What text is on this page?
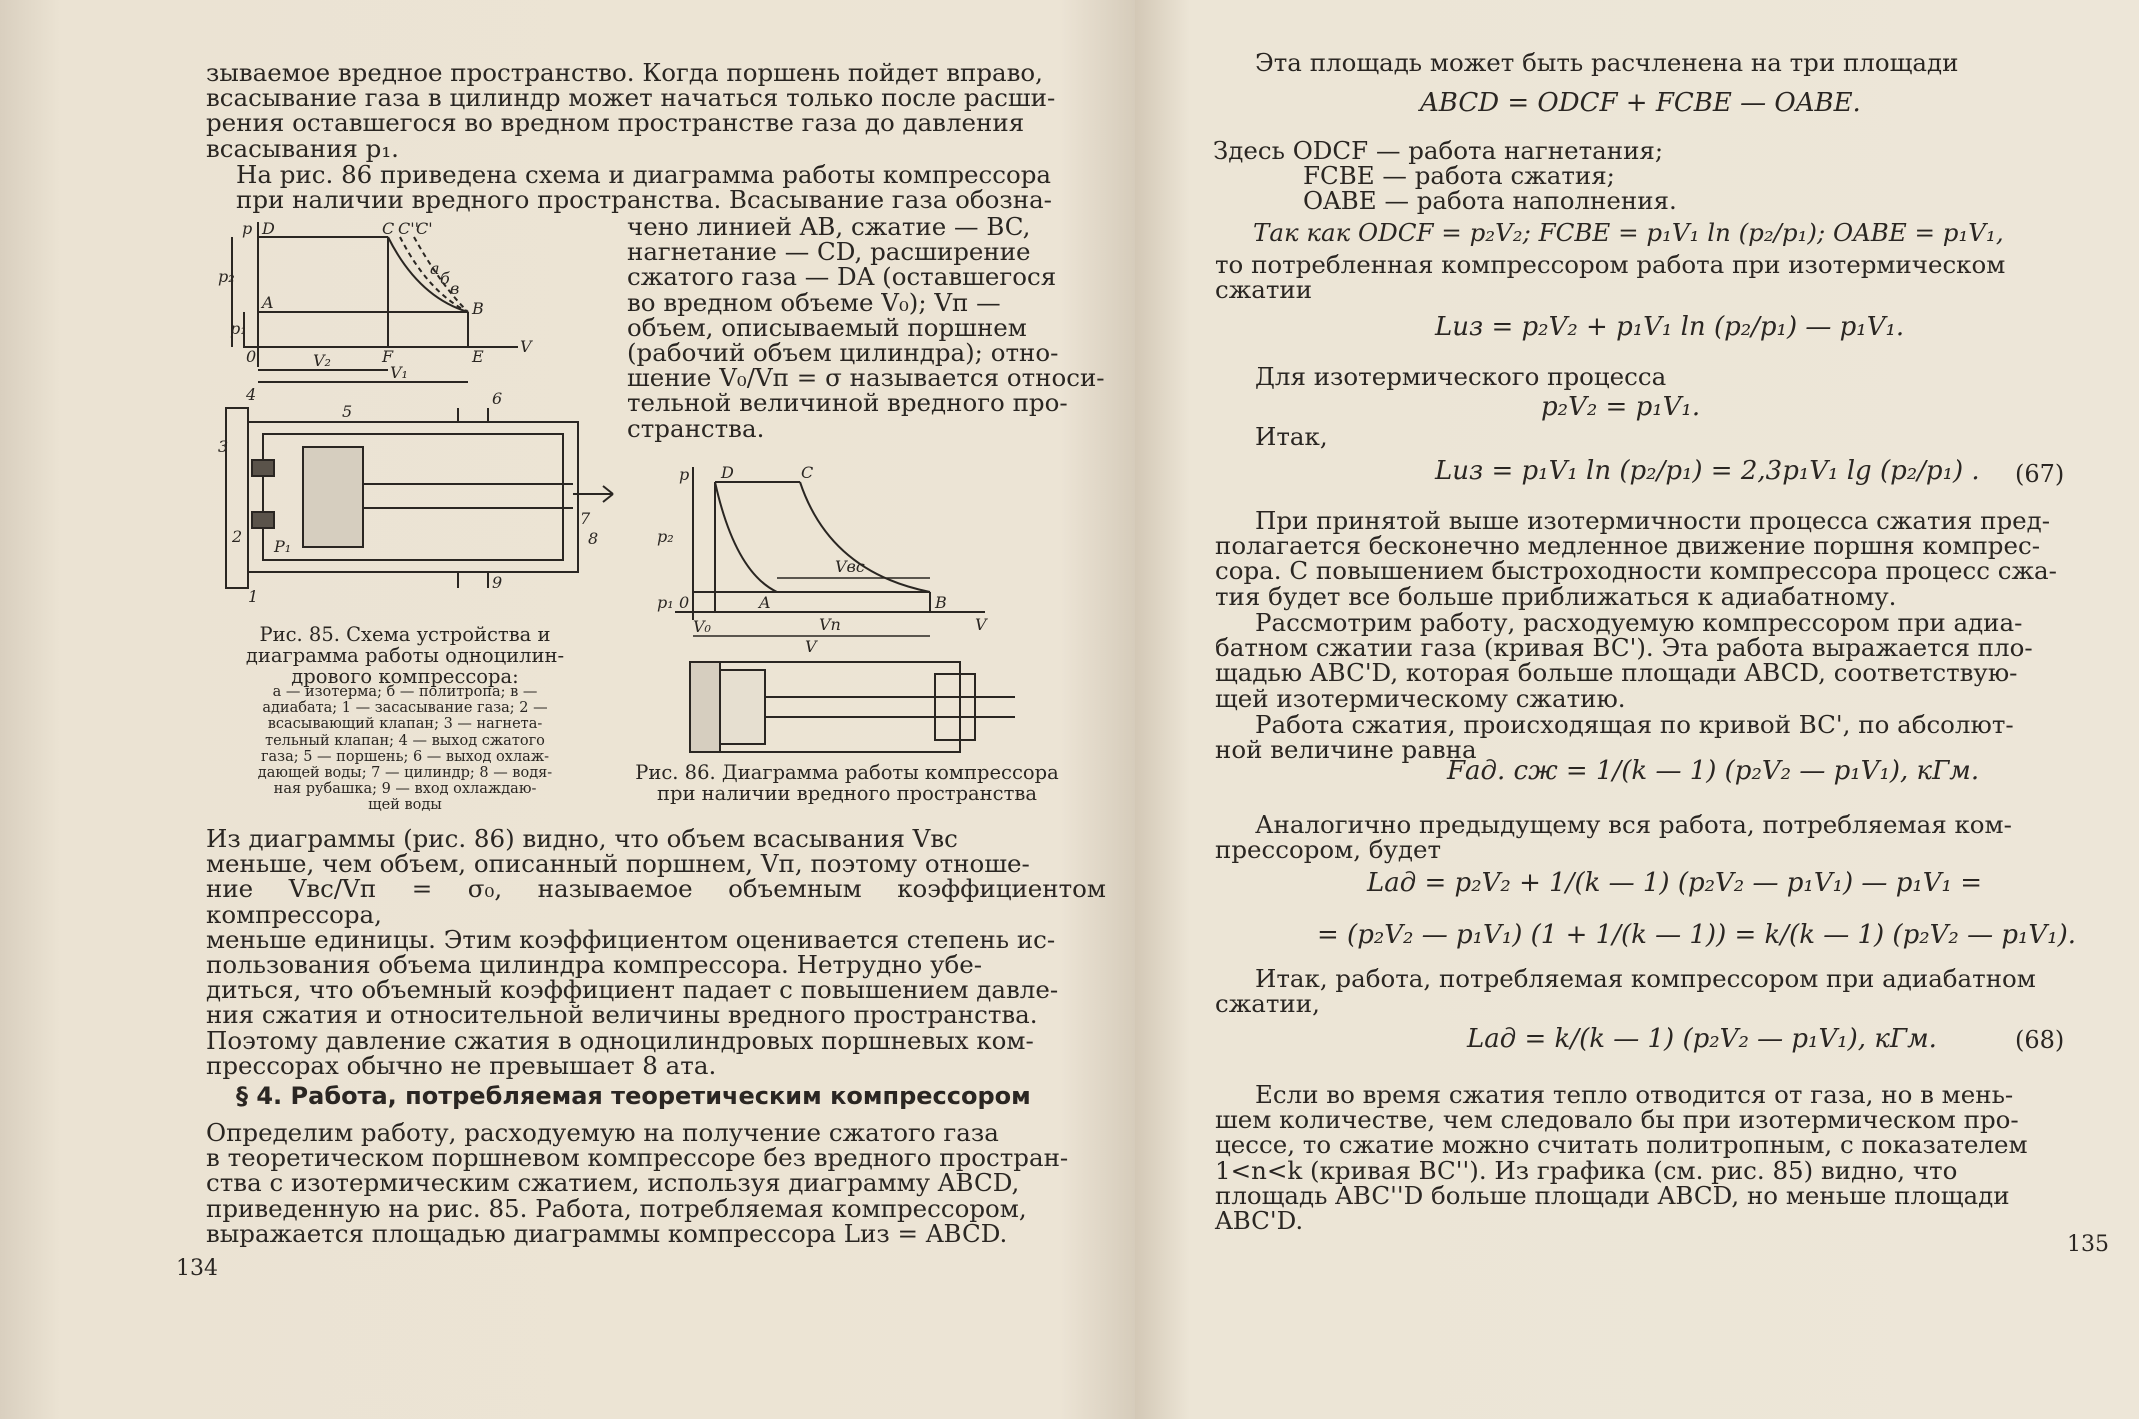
зываемое вредное пространство. Когда поршень пойдет вправо,
всасывание газа в цилиндр может начаться только после расши-
рения оставшегося во вредном пространстве газа до давления
всасывания p₁.

На рис. 86 приведена схема и диаграмма работы компрессора
при наличии вредного пространства. Всасывание газа обозна-

чено линией AB, сжатие — BC,
нагнетание — CD, расширение
сжатого газа — DA (оставшегося
во вредном объеме V₀); Vп —
объем, описываемый поршнем
(рабочий объем цилиндра); отно-
шение V₀/Vп = σ называется относи-
тельной величиной вредного про-
странства.

p D	C C''
C'
а
б
в
A	B
0	F	E
V
V₂
V₁
p₂
p₁
1
2
3
4
5
6
7
8
9
P₁

Рис. 85. Схема устройства и
диаграмма работы одноцилин-
дрового компрессора:

а — изотерма; б — политропа; в —
адиабата; 1 — засасывание газа; 2 —
всасывающий клапан; 3 — нагнета-
тельный клапан; 4 — выход сжатого
газа; 5 — поршень; 6 — выход охлаж-
дающей воды; 7 — цилиндр; 8 — водя-
ная рубашка; 9 — вход охлаждаю-
щей воды

p D	C
Vвс
A	B
0
V
p₂
p₁
V₀	Vп
V

Рис. 86. Диаграмма работы компрессора
при наличии вредного пространства

Из диаграммы (рис. 86) видно, что объем всасывания Vвс
меньше, чем объем, описанный поршнем, Vп, поэтому отноше-
ние Vвс/Vп = σ₀, называемое объемным коэффициентом компрессора,
меньше единицы. Этим коэффициентом оценивается степень ис-
пользования объема цилиндра компрессора. Нетрудно убе-
диться, что объемный коэффициент падает с повышением давле-
ния сжатия и относительной величины вредного пространства.
Поэтому давление сжатия в одноцилиндровых поршневых ком-
прессорах обычно не превышает 8 ата.

§ 4. Работа, потребляемая теоретическим компрессором

Определим работу, расходуемую на получение сжатого газа
в теоретическом поршневом компрессоре без вредного простран-
ства с изотермическим сжатием, используя диаграмму ABCD,
приведенную на рис. 85. Работа, потребляемая компрессором,
выражается площадью диаграммы компрессора Lиз = ABCD.

134

Эта площадь может быть расчленена на три площади

ABCD = ODCF + FCBE — OABE.

Здесь ODCF — работа нагнетания;

FCBE — работа сжатия;

OABE — работа наполнения.

Так как ODCF = p₂V₂; FCBE = p₁V₁ ln (p₂/p₁); OABE = p₁V₁,

то потребленная компрессором работа при изотермическом
сжатии

Lиз = p₂V₂ + p₁V₁ ln (p₂/p₁) — p₁V₁.

Для изотермического процесса

p₂V₂ = p₁V₁.

Итак,

Lиз = p₁V₁ ln (p₂/p₁) = 2,3p₁V₁ lg (p₂/p₁) . (67)

При принятой выше изотермичности процесса сжатия пред-
полагается бесконечно медленное движение поршня компрес-
сора. С повышением быстроходности компрессора процесс сжа-
тия будет все больше приближаться к адиабатному.

Рассмотрим работу, расходуемую компрессором при адиа-
батном сжатии газа (кривая BC'). Эта работа выражается пло-
щадью ABC'D, которая больше площади ABCD, соответствую-
щей изотермическому сжатию.

Работа сжатия, происходящая по кривой BC', по абсолют-
ной величине равна

Fад. сж = 1/(k — 1) (p₂V₂ — p₁V₁), кГм.

Аналогично предыдущему вся работа, потребляемая ком-
прессором, будет

Lад = p₂V₂ + 1/(k — 1) (p₂V₂ — p₁V₁) — p₁V₁ =

= (p₂V₂ — p₁V₁) (1 + 1/(k — 1)) = k/(k — 1) (p₂V₂ — p₁V₁).

Итак, работа, потребляемая компрессором при адиабатном
сжатии,

Lад = k/(k — 1) (p₂V₂ — p₁V₁), кГм.	(68)

Если во время сжатия тепло отводится от газа, но в мень-
шем количестве, чем следовало бы при изотермическом про-
цессе, то сжатие можно считать политропным, с показателем
1<n<k (кривая BC''). Из графика (см. рис. 85) видно, что
площадь ABC''D больше площади ABCD, но меньше площади
ABC'D.

135
